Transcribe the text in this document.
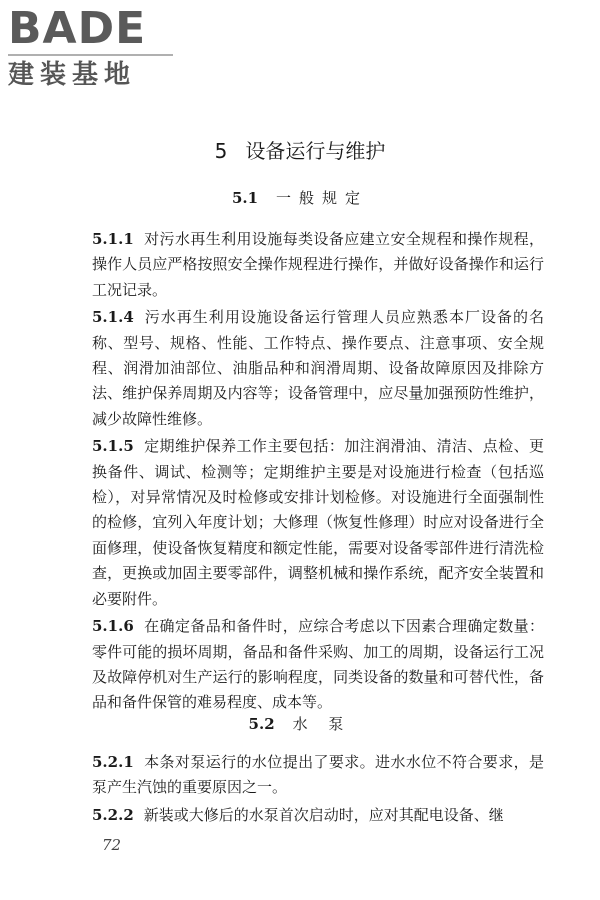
BADE
建装基地
5 设备运行与维护
5.1 一般规定

5.1.1 对污水再生利用设施每类设备应建立安全规程和操作规程，操作人员应严格按照安全操作规程进行操作，并做好设备操作和运行工况记录。

5.1.4 污水再生利用设施设备运行管理人员应熟悉本厂设备的名称、型号、规格、性能、工作特点、操作要点、注意事项、安全规程、润滑加油部位、油脂品种和润滑周期、设备故障原因及排除方法、维护保养周期及内容等；设备管理中，应尽量加强预防性维护，减少故障性维修。

5.1.5 定期维护保养工作主要包括：加注润滑油、清洁、点检、更换备件、调试、检测等；定期维护主要是对设施进行检查（包括巡检），对异常情况及时检修或安排计划检修。对设施进行全面强制性的检修，宜列入年度计划；大修理（恢复性修理）时应对设备进行全面修理，使设备恢复精度和额定性能，需要对设备零部件进行清洗检查，更换或加固主要零部件，调整机械和操作系统，配齐安全装置和必要附件。

5.1.6 在确定备品和备件时，应综合考虑以下因素合理确定数量：零件可能的损坏周期，备品和备件采购、加工的周期，设备运行工况及故障停机对生产运行的影响程度，同类设备的数量和可替代性，备品和备件保管的难易程度、成本等。

5.2 水 泵

5.2.1 本条对泵运行的水位提出了要求。进水水位不符合要求，是泵产生汽蚀的重要原因之一。

5.2.2 新装或大修后的水泵首次启动时，应对其配电设备、继

72
